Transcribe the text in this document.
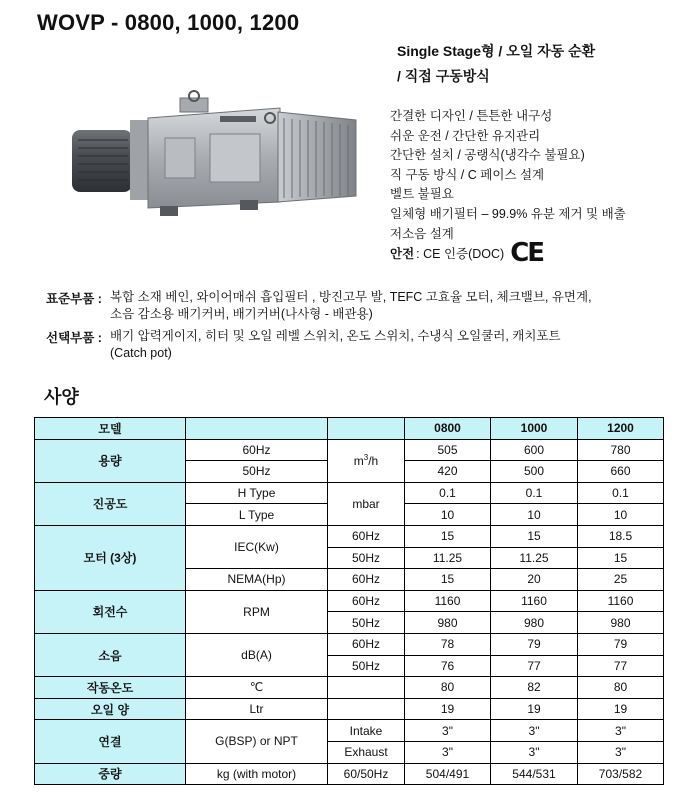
WOVP - 0800, 1000, 1200
Single Stage형 / 오일 자동 순환
/ 직접 구동방식
간결한 디자인 / 튼튼한 내구성
쉬운 운전 / 간단한 유지관리
간단한 설치 / 공랭식(냉각수 불필요)
직 구동 방식 / C 페이스 설계
벨트 불필요
일체형 배기필터 – 99.9% 유분 제거 및 배출
저소음 설계
안전 : CE 인증(DOC) CE
표준부품 : 복합 소재 베인, 와이어매쉬 흡입필터 , 방진고무 발, TEFC 고효율 모터, 체크밸브, 유면계,
소음 감소용 배기커버, 배기커버(나사형 - 배관용)
선택부품 : 배기 압력게이지, 히터 및 오일 레벨 스위치, 온도 스위치, 수냉식 오일쿨러, 캐치포트
(Catch pot)
사양
모델			0800	1000	1200
용량	60Hz	$m^3/h$	505	600	780
	50Hz		420	500	660
진공도	H Type	mbar	0.1	0.1	0.1
	L Type		10	10	10
모터 (3상)	IEC(Kw)	60Hz	15	15	18.5
		50Hz	11.25	11.25	15
	NEMA(Hp)	60Hz	15	20	25
회전수	RPM	60Hz	1160	1160	1160
		50Hz	980	980	980
소음	dB(A)	60Hz	78	79	79
		50Hz	76	77	77
작동온도	℃		80	82	80
오일 양	Ltr		19	19	19
연결	G(BSP) or NPT	Intake	3"	3"	3"
		Exhaust	3"	3"	3"
중량	kg (with motor)	60/50Hz	504/491	544/531	703/582
